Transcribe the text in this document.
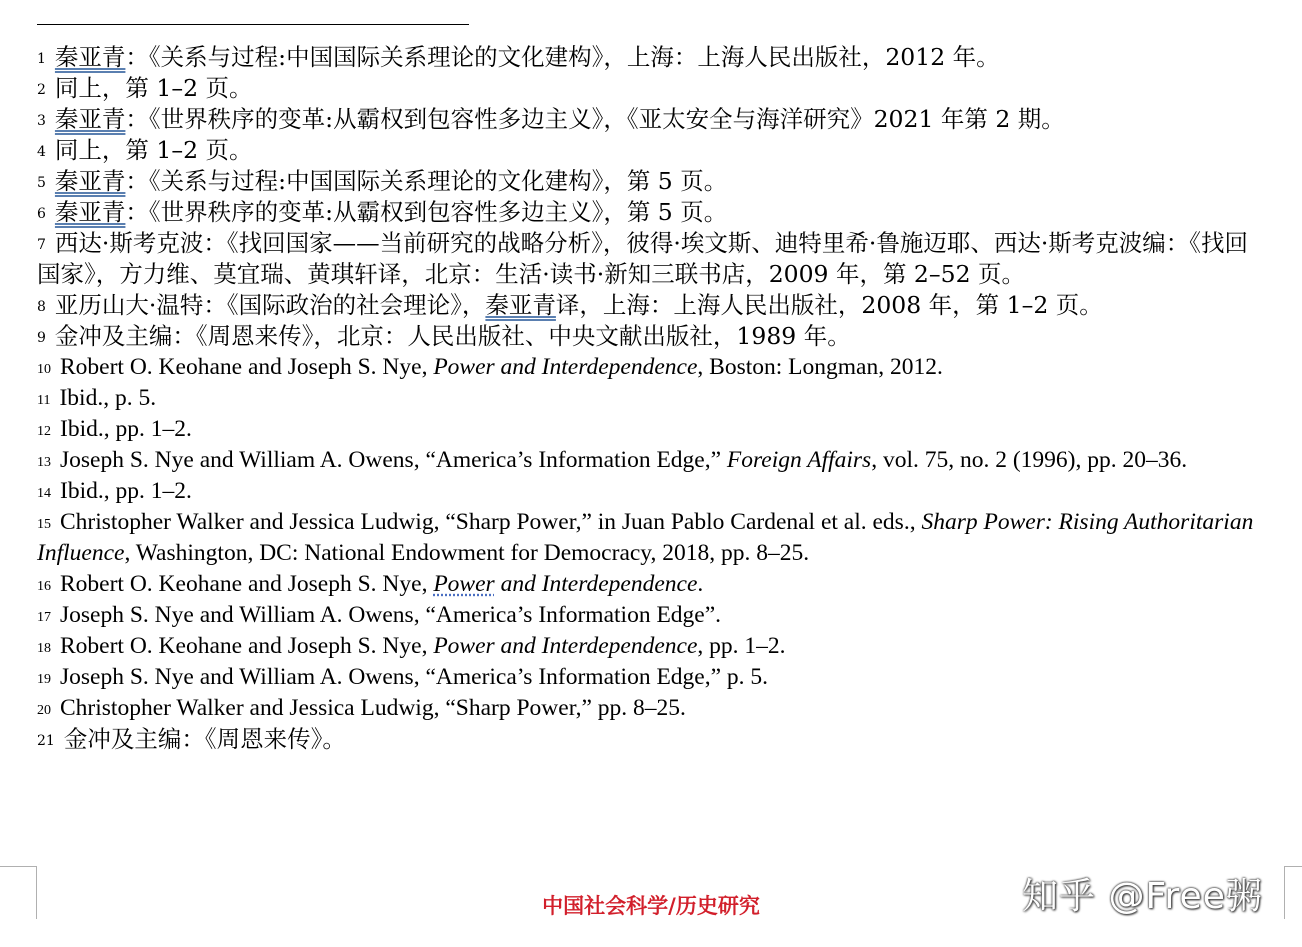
$^1$ 秦亚青：《关系与过程:中国国际关系理论的文化建构》，上海：上海人民出版社，2012 年。

$^2$ 同上，第 1–2 页。

$^3$ 秦亚青：《世界秩序的变革:从霸权到包容性多边主义》，《亚太安全与海洋研究》2021 年第 2 期。

$^4$ 同上，第 1–2 页。

$^5$ 秦亚青：《关系与过程:中国国际关系理论的文化建构》，第 5 页。

$^6$ 秦亚青：《世界秩序的变革:从霸权到包容性多边主义》，第 5 页。

$^7$ 西达·斯考克波：《找回国家——当前研究的战略分析》，彼得·埃文斯、迪特里希·鲁施迈耶、西达·斯考克波编：《找回国家》，方力维、莫宜瑞、黄琪轩译，北京：生活·读书·新知三联书店，2009 年，第 2–52 页。

$^8$ 亚历山大·温特：《国际政治的社会理论》，秦亚青译，上海：上海人民出版社，2008 年，第 1–2 页。

$^9$ 金冲及主编：《周恩来传》，北京：人民出版社、中央文献出版社，1989 年。

$^{10}$ Robert O. Keohane and Joseph S. Nye, Power and Interdependence, Boston: Longman, 2012.

$^{11}$ Ibid., p. 5.

$^{12}$ Ibid., pp. 1–2.

$^{13}$ Joseph S. Nye and William A. Owens, “America’s Information Edge,” Foreign Affairs, vol. 75, no. 2 (1996), pp. 20–36.

$^{14}$ Ibid., pp. 1–2.

$^{15}$ Christopher Walker and Jessica Ludwig, “Sharp Power,” in Juan Pablo Cardenal et al. eds., Sharp Power: Rising Authoritarian Influence, Washington, DC: National Endowment for Democracy, 2018, pp. 8–25.

$^{16}$ Robert O. Keohane and Joseph S. Nye, Power and Interdependence.

$^{17}$ Joseph S. Nye and William A. Owens, “America’s Information Edge”.

$^{18}$ Robert O. Keohane and Joseph S. Nye, Power and Interdependence, pp. 1–2.

$^{19}$ Joseph S. Nye and William A. Owens, “America’s Information Edge,” p. 5.

$^{20}$ Christopher Walker and Jessica Ludwig, “Sharp Power,” pp. 8–25.

$^{21}$ 金冲及主编：《周恩来传》。

中国社会科学/历史研究	知乎 @Free粥
